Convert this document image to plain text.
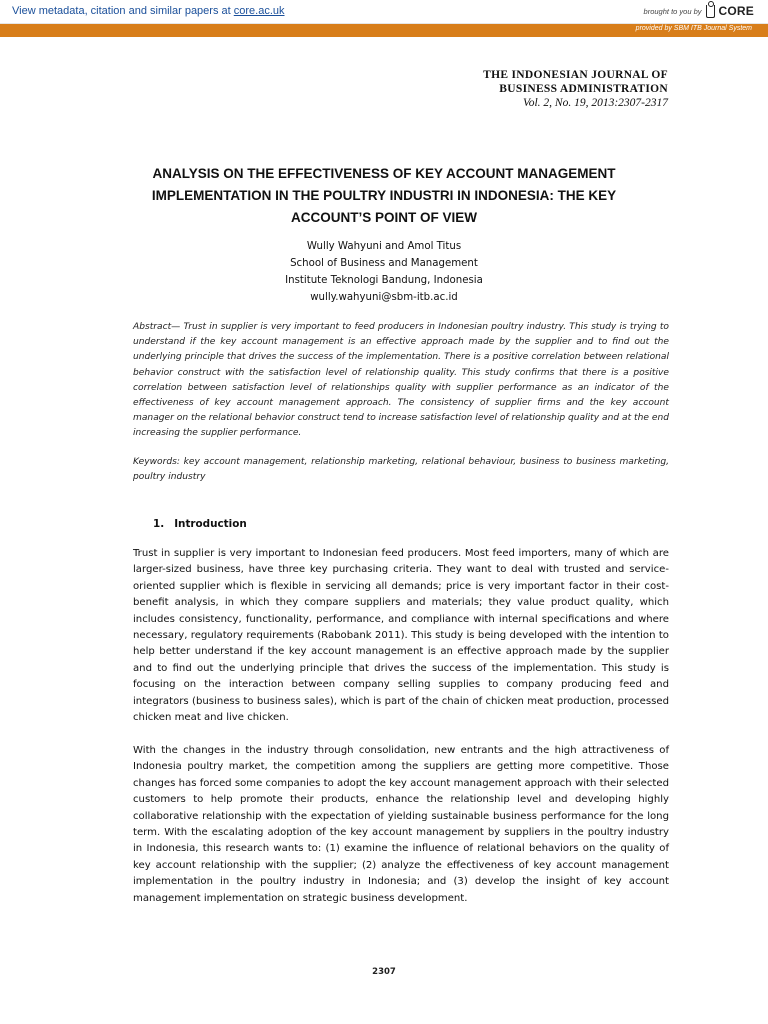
View metadata, citation and similar papers at core.ac.uk	brought to you by CORE
provided by SBM ITB Journal System
THE INDONESIAN JOURNAL OF
BUSINESS ADMINISTRATION
Vol. 2, No. 19, 2013:2307-2317
ANALYSIS ON THE EFFECTIVENESS OF KEY ACCOUNT MANAGEMENT
IMPLEMENTATION IN THE POULTRY INDUSTRI IN INDONESIA: THE KEY
ACCOUNT’S POINT OF VIEW
Wully Wahyuni and Amol Titus
School of Business and Management
Institute Teknologi Bandung, Indonesia
wully.wahyuni@sbm-itb.ac.id

Abstract— Trust in supplier is very important to feed producers in Indonesian poultry industry. This study is trying to understand if the key account management is an effective approach made by the supplier and to find out the underlying principle that drives the success of the implementation. There is a positive correlation between relational behavior construct with the satisfaction level of relationship quality. This study confirms that there is a positive correlation between satisfaction level of relationships quality with supplier performance as an indicator of the effectiveness of key account management approach. The consistency of supplier firms and the key account manager on the relational behavior construct tend to increase satisfaction level of relationship quality and at the end increasing the supplier performance.

Keywords: key account management, relationship marketing, relational behaviour, business to business marketing, poultry industry

1. Introduction

Trust in supplier is very important to Indonesian feed producers. Most feed importers, many of which are larger-sized business, have three key purchasing criteria. They want to deal with trusted and service-oriented supplier which is flexible in servicing all demands; price is very important factor in their cost-benefit analysis, in which they compare suppliers and materials; they value product quality, which includes consistency, functionality, performance, and compliance with internal specifications and where necessary, regulatory requirements (Rabobank 2011). This study is being developed with the intention to help better understand if the key account management is an effective approach made by the supplier and to find out the underlying principle that drives the success of the implementation. This study is focusing on the interaction between company selling supplies to company producing feed and integrators (business to business sales), which is part of the chain of chicken meat production, processed chicken meat and live chicken.

With the changes in the industry through consolidation, new entrants and the high attractiveness of Indonesia poultry market, the competition among the suppliers are getting more competitive. Those changes has forced some companies to adopt the key account management approach with their selected customers to help promote their products, enhance the relationship level and developing highly collaborative relationship with the expectation of yielding sustainable business performance for the long term. With the escalating adoption of the key account management by suppliers in the poultry industry in Indonesia, this research wants to: (1) examine the influence of relational behaviors on the quality of key account relationship with the supplier; (2) analyze the effectiveness of key account management implementation in the poultry industry in Indonesia; and (3) develop the insight of key account management implementation on strategic business development.

2307
